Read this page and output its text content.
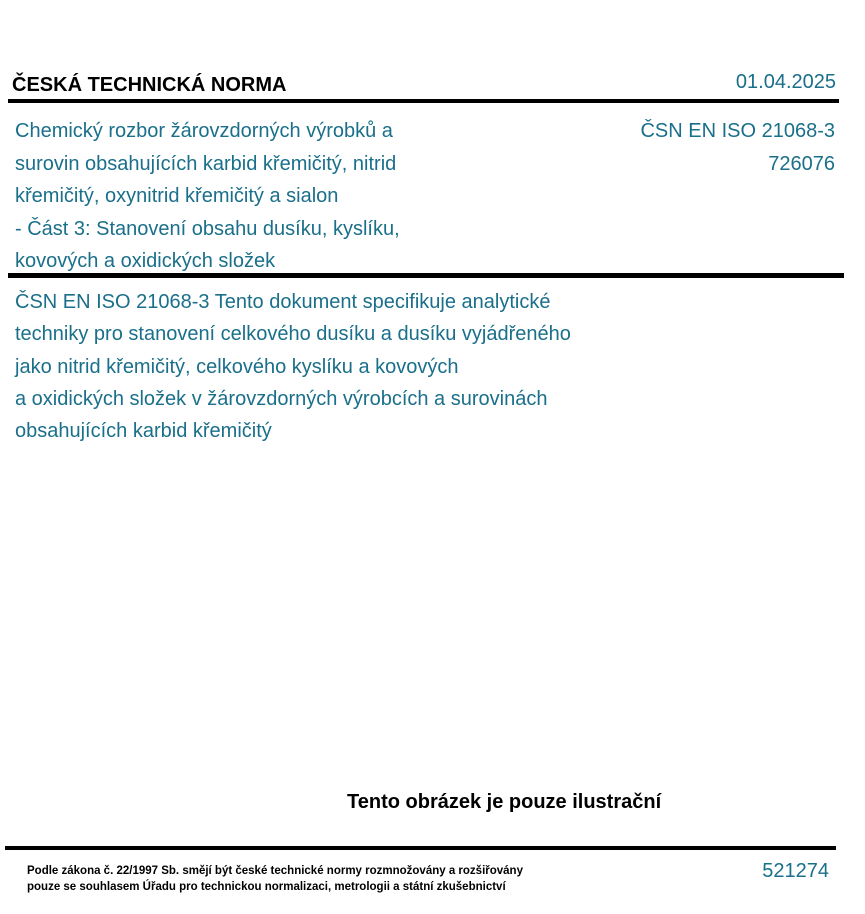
ČESKÁ TECHNICKÁ NORMA	01.04.2025
Chemický rozbor žárovzdorných výrobků a
surovin obsahujících karbid křemičitý, nitrid
křemičitý, oxynitrid křemičitý a sialon
- Část 3: Stanovení obsahu dusíku, kyslíku,
kovových a oxidických složek
ČSN EN ISO 21068-3
726076
ČSN EN ISO 21068-3 Tento dokument specifikuje analytické
techniky pro stanovení celkového dusíku a dusíku vyjádřeného
jako nitrid křemičitý, celkového kyslíku a kovových
a oxidických složek v žárovzdorných výrobcích a surovinách
obsahujících karbid křemičitý
Tento obrázek je pouze ilustrační
Podle zákona č. 22/1997 Sb. smějí být české technické normy rozmnožovány a rozšiřovány
pouze se souhlasem Úřadu pro technickou normalizaci, metrologii a státní zkušebnictví
521274
